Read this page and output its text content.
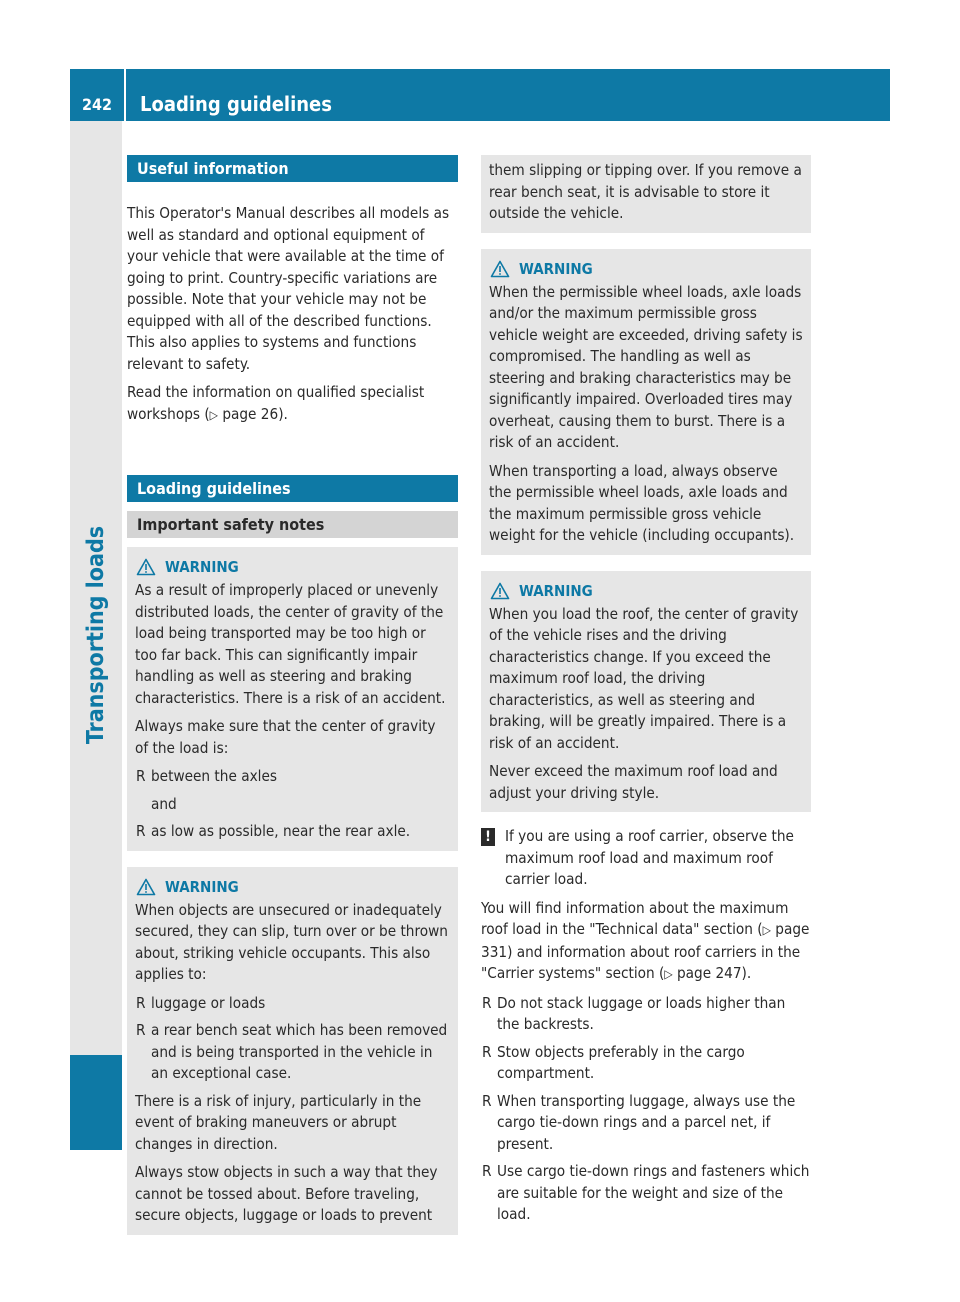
242	Loading guidelines
Transporting loads
Useful information

This Operator's Manual describes all models as well as standard and optional equipment of your vehicle that were available at the time of going to print. Country-specific variations are possible. Note that your vehicle may not be equipped with all of the described functions. This also applies to systems and functions relevant to safety.

Read the information on qualified specialist workshops (▷ page 26).

Loading guidelines
Important safety notes
WARNING

As a result of improperly placed or unevenly distributed loads, the center of gravity of the load being transported may be too high or too far back. This can significantly impair handling as well as steering and braking characteristics. There is a risk of an accident.

Always make sure that the center of gravity of the load is:

R between the axles
and
R as low as possible, near the rear axle.
WARNING

When objects are unsecured or inadequately secured, they can slip, turn over or be thrown about, striking vehicle occupants. This also applies to:

R luggage or loads
R a rear bench seat which has been removed and is being transported in the vehicle in an exceptional case.

There is a risk of injury, particularly in the event of braking maneuvers or abrupt changes in direction.

Always stow objects in such a way that they cannot be tossed about. Before traveling, secure objects, luggage or loads to prevent

them slipping or tipping over. If you remove a rear bench seat, it is advisable to store it outside the vehicle.

WARNING

When the permissible wheel loads, axle loads and/or the maximum permissible gross vehicle weight are exceeded, driving safety is compromised. The handling as well as steering and braking characteristics may be significantly impaired. Overloaded tires may overheat, causing them to burst. There is a risk of an accident.

When transporting a load, always observe the permissible wheel loads, axle loads and the maximum permissible gross vehicle weight for the vehicle (including occupants).

WARNING

When you load the roof, the center of gravity of the vehicle rises and the driving characteristics change. If you exceed the maximum roof load, the driving characteristics, as well as steering and braking, will be greatly impaired. There is a risk of an accident.

Never exceed the maximum roof load and adjust your driving style.

! If you are using a roof carrier, observe the maximum roof load and maximum roof carrier load.

You will find information about the maximum roof load in the "Technical data" section (▷ page 331) and information about roof carriers in the "Carrier systems" section (▷ page 247).

R Do not stack luggage or loads higher than the backrests.
R Stow objects preferably in the cargo compartment.
R When transporting luggage, always use the cargo tie-down rings and a parcel net, if present.
R Use cargo tie-down rings and fasteners which are suitable for the weight and size of the load.
